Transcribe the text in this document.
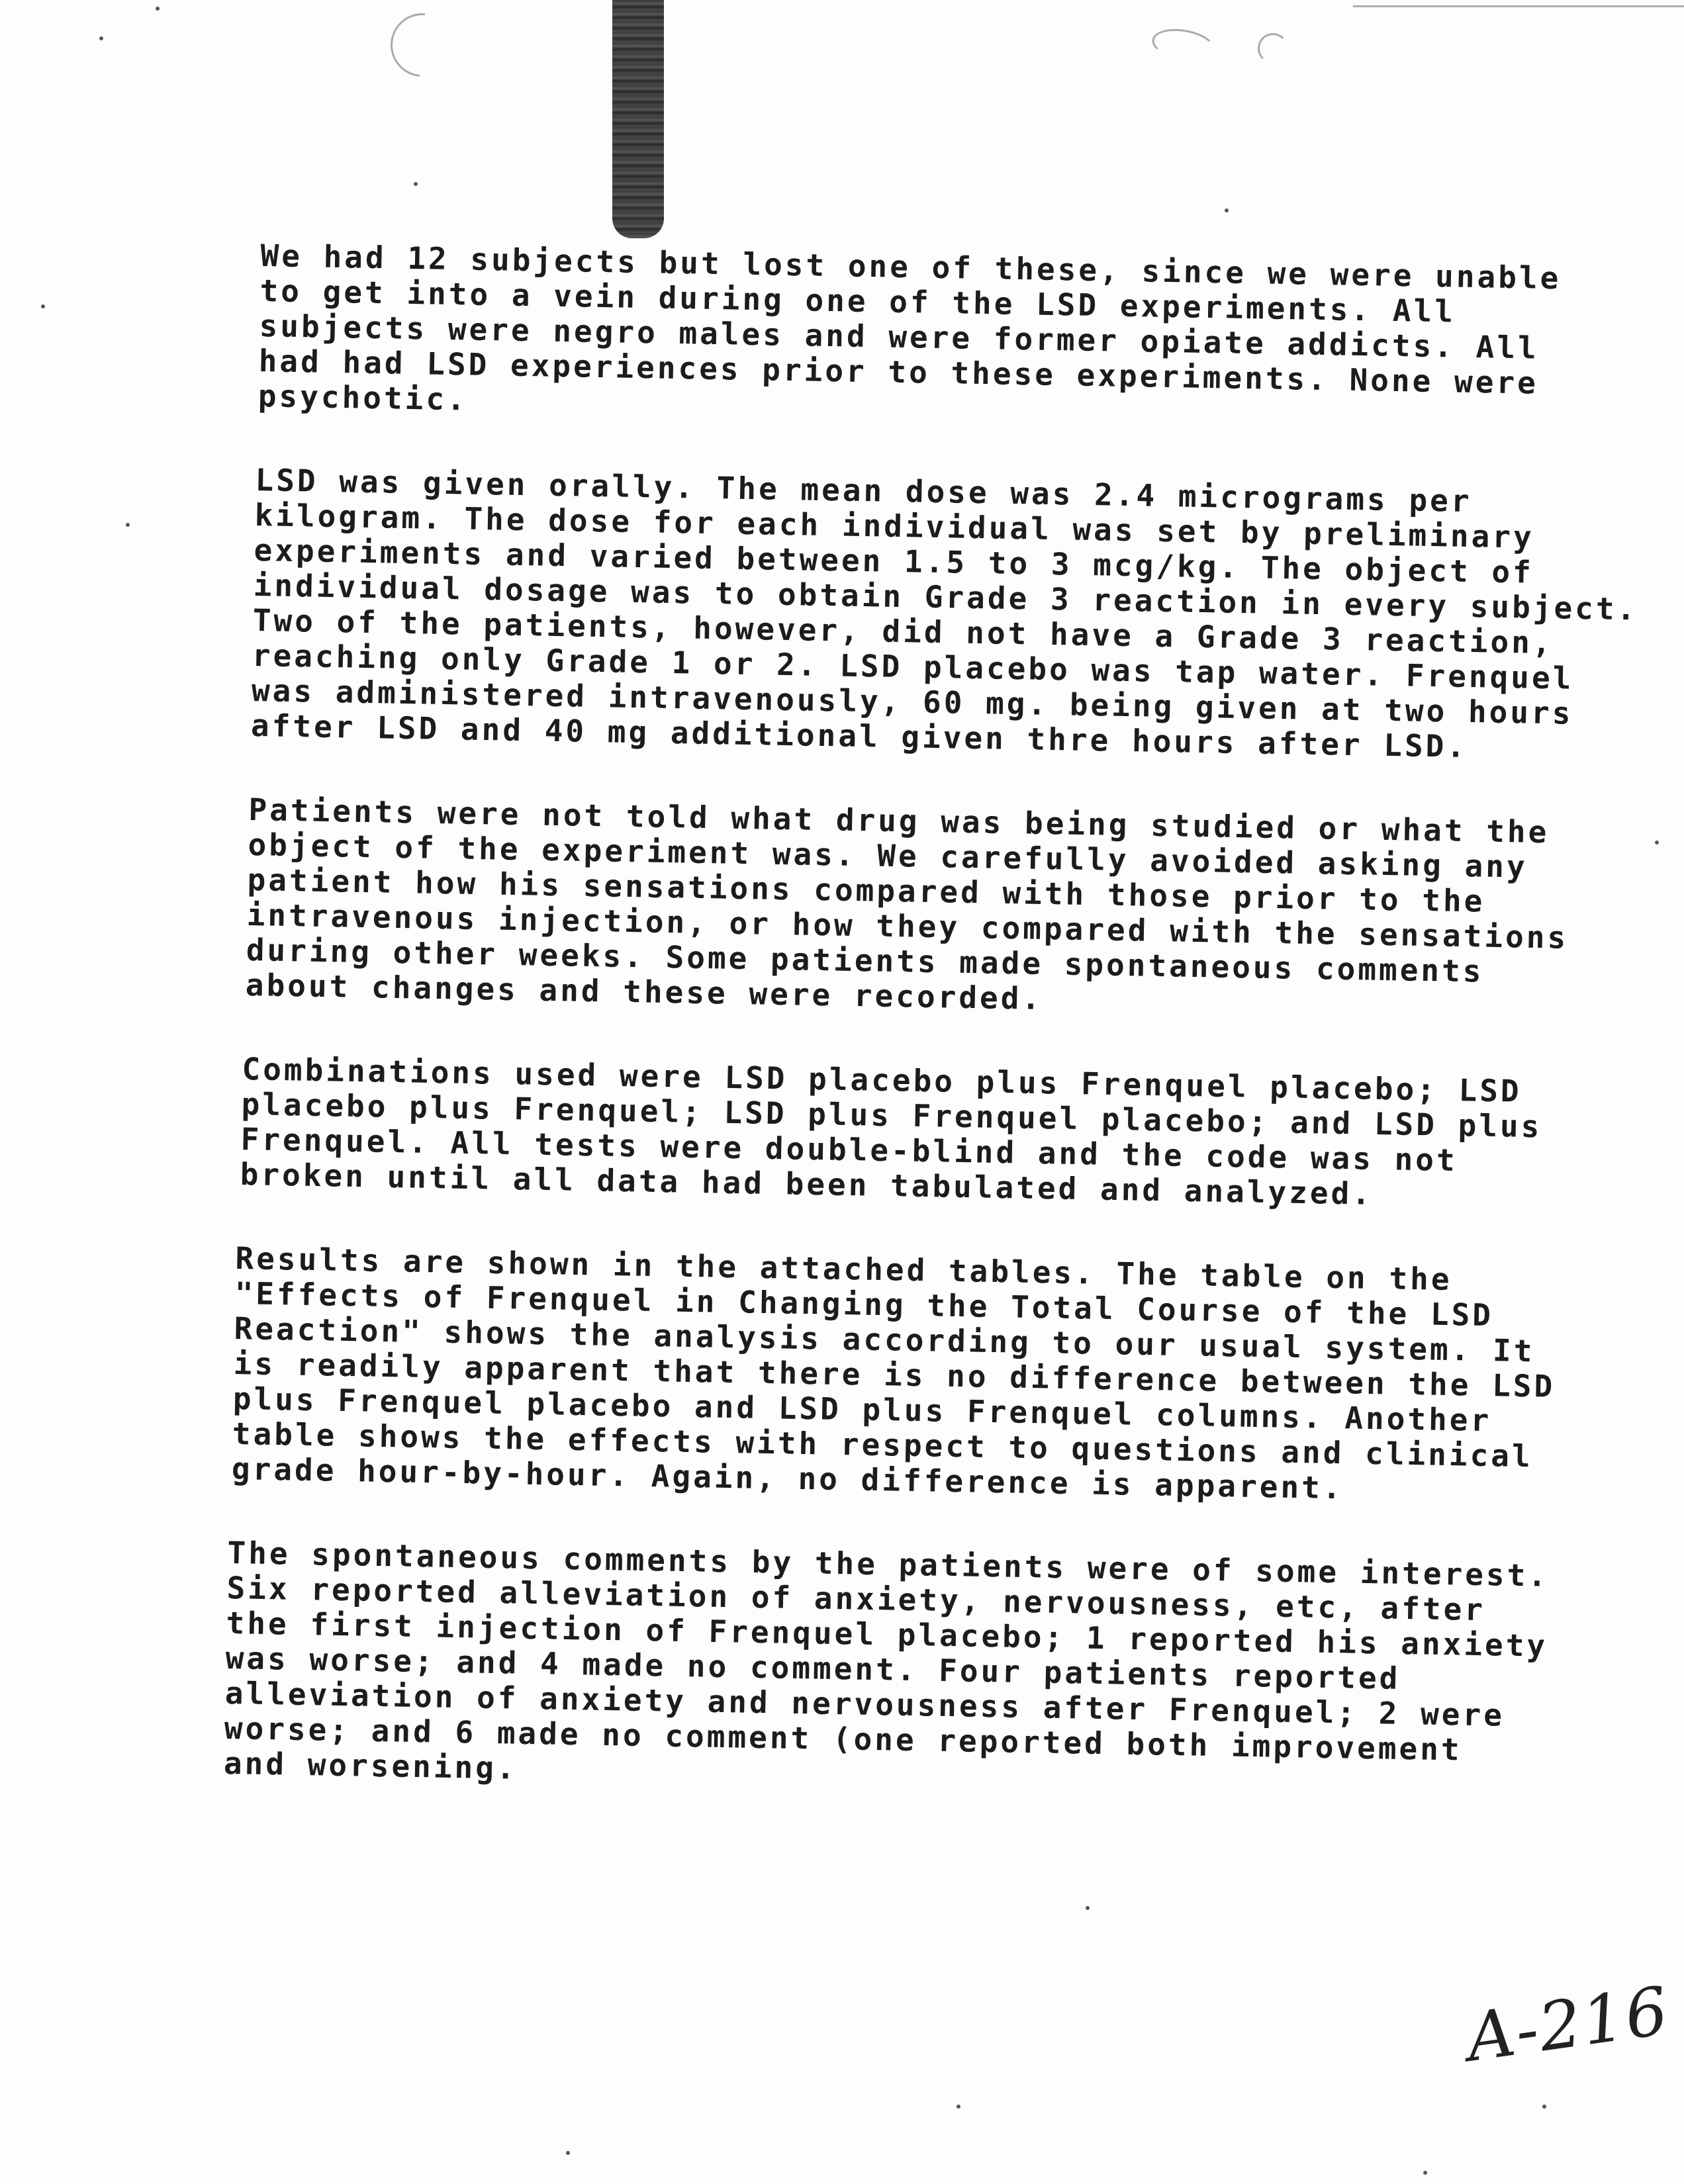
We had 12 subjects but lost one of these, since we were unable
to get into a vein during one of the LSD experiments. All
subjects were negro males and were former opiate addicts. All
had had LSD experiences prior to these experiments. None were
psychotic.

LSD was given orally. The mean dose was 2.4 micrograms per
kilogram. The dose for each individual was set by preliminary
experiments and varied between 1.5 to 3 mcg/kg. The object of
individual dosage was to obtain Grade 3 reaction in every subject.
Two of the patients, however, did not have a Grade 3 reaction,
reaching only Grade 1 or 2. LSD placebo was tap water. Frenquel
was administered intravenously, 60 mg. being given at two hours
after LSD and 40 mg additional given thre hours after LSD.

Patients were not told what drug was being studied or what the
object of the experiment was. We carefully avoided asking any
patient how his sensations compared with those prior to the
intravenous injection, or how they compared with the sensations
during other weeks. Some patients made spontaneous comments
about changes and these were recorded.

Combinations used were LSD placebo plus Frenquel placebo; LSD
placebo plus Frenquel; LSD plus Frenquel placebo; and LSD plus
Frenquel. All tests were double-blind and the code was not
broken until all data had been tabulated and analyzed.

Results are shown in the attached tables. The table on the
"Effects of Frenquel in Changing the Total Course of the LSD
Reaction" shows the analysis according to our usual system. It
is readily apparent that there is no difference between the LSD
plus Frenquel placebo and LSD plus Frenquel columns. Another
table shows the effects with respect to questions and clinical
grade hour-by-hour. Again, no difference is apparent.

The spontaneous comments by the patients were of some interest.
Six reported alleviation of anxiety, nervousness, etc, after
the first injection of Frenquel placebo; 1 reported his anxiety
was worse; and 4 made no comment. Four patients reported
alleviation of anxiety and nervousness after Frenquel; 2 were
worse; and 6 made no comment (one reported both improvement
and worsening.

A-216
